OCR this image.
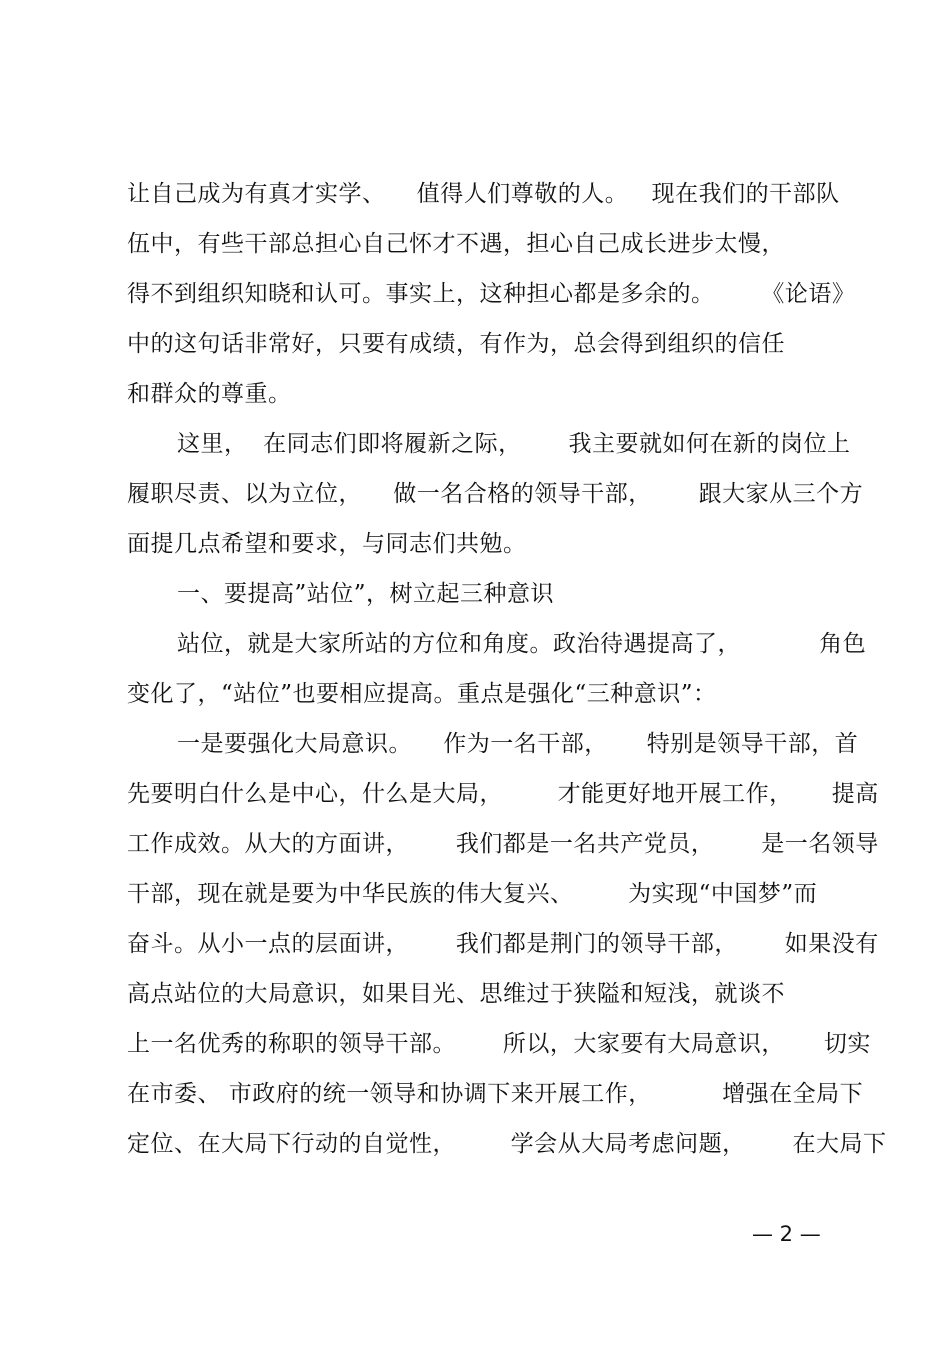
让自己成为有真才实学、    值得人们尊敬的人。   现在我们的干部队
伍中，有些干部总担心自己怀才不遇，担心自己成长进步太慢，
得不到组织知晓和认可。事实上，这种担心都是多余的。      《论语》
中的这句话非常好，只要有成绩，有作为，总会得到组织的信任
和群众的尊重。
这里，  在同志们即将履新之际，      我主要就如何在新的岗位上
履职尽责、以为立位，    做一名合格的领导干部，      跟大家从三个方
面提几点希望和要求，与同志们共勉。
一、要提高”站位”，树立起三种意识
站位，就是大家所站的方位和角度。政治待遇提高了，          角色
变化了，“站位”也要相应提高。重点是强化“三种意识”：
一是要强化大局意识。    作为一名干部，     特别是领导干部，首
先要明白什么是中心，什么是大局，       才能更好地开展工作，     提高
工作成效。从大的方面讲，      我们都是一名共产党员，      是一名领导
干部，现在就是要为中华民族的伟大复兴、       为实现“中国梦”而
奋斗。从小一点的层面讲，      我们都是荆门的领导干部，      如果没有
高点站位的大局意识，如果目光、思维过于狭隘和短浅，就谈不
上一名优秀的称职的领导干部。      所以，大家要有大局意识，     切实
在市委、 市政府的统一领导和协调下来开展工作，         增强在全局下
定位、在大局下行动的自觉性，       学会从大局考虑问题，      在大局下
— 2 —
